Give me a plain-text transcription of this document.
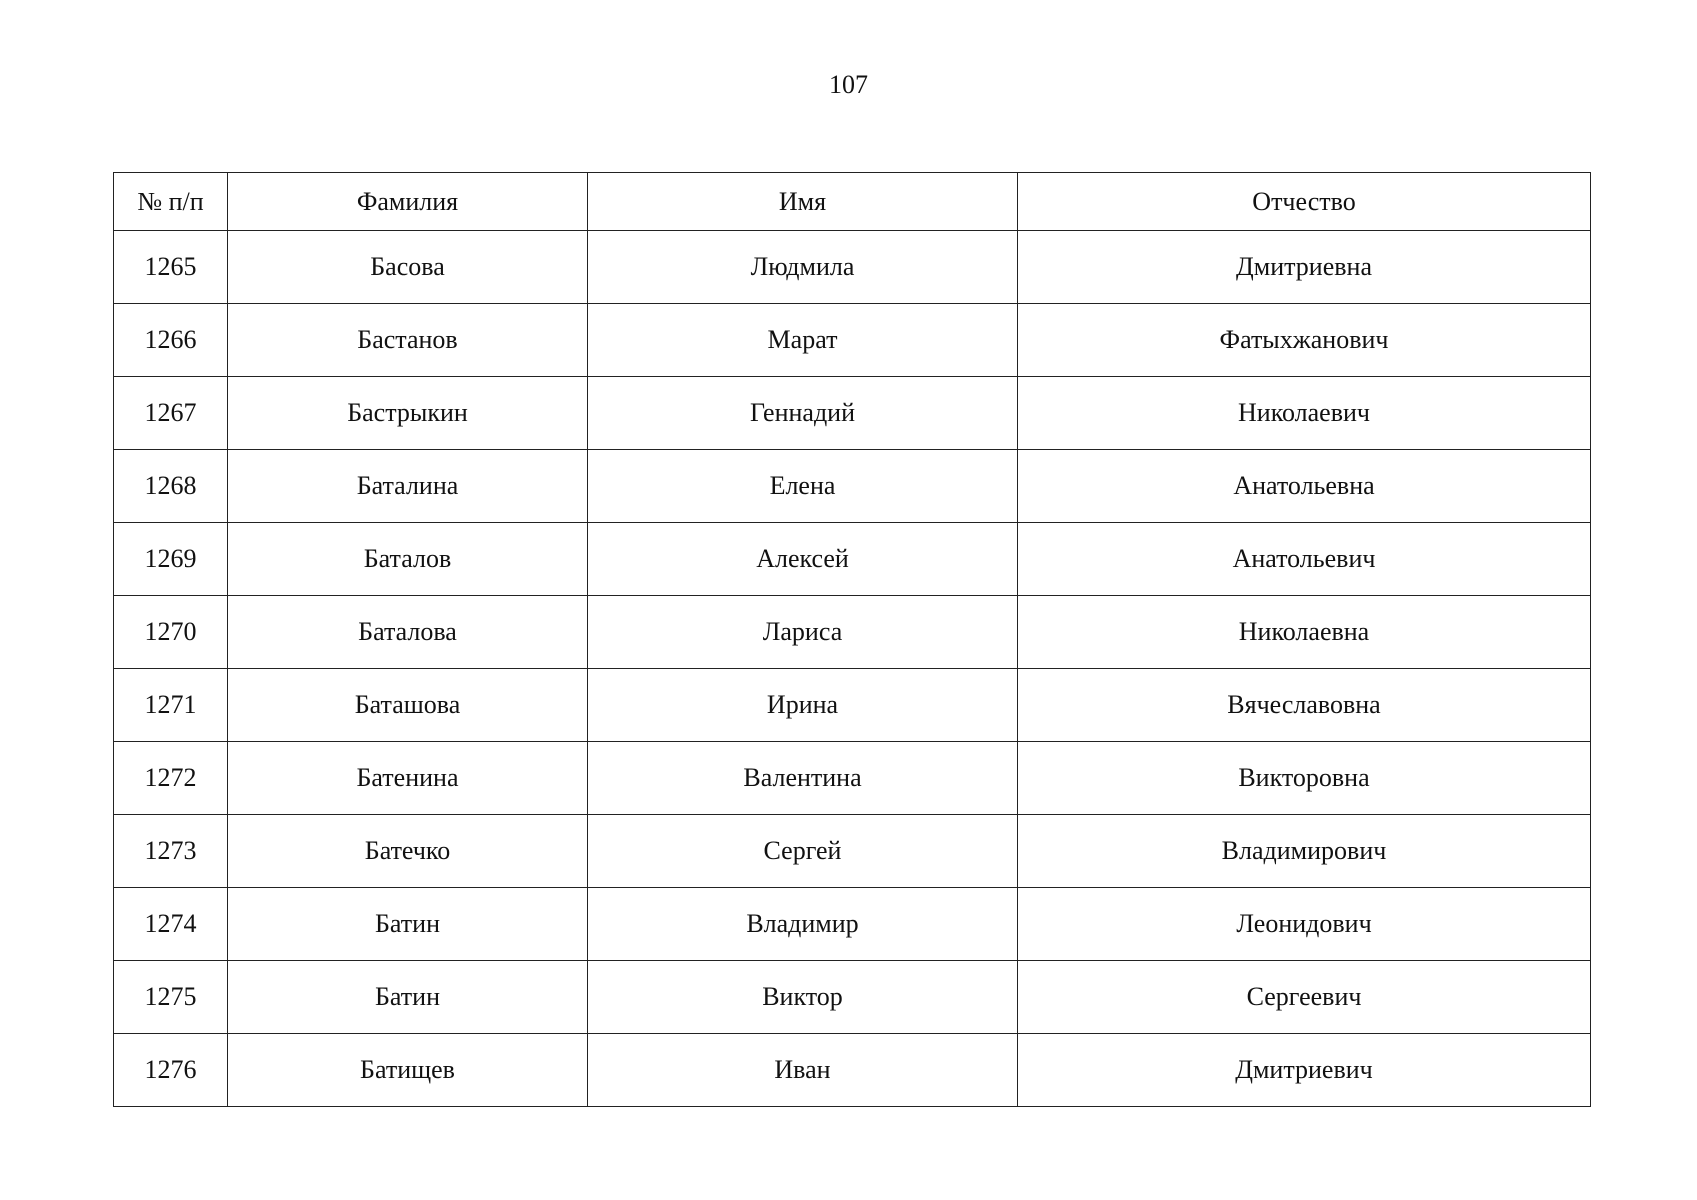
107
№ п/п	Фамилия	Имя	Отчество
1265	Басова	Людмила	Дмитриевна
1266	Бастанов	Марат	Фатыхжанович
1267	Бастрыкин	Геннадий	Николаевич
1268	Баталина	Елена	Анатольевна
1269	Баталов	Алексей	Анатольевич
1270	Баталова	Лариса	Николаевна
1271	Баташова	Ирина	Вячеславовна
1272	Батенина	Валентина	Викторовна
1273	Батечко	Сергей	Владимирович
1274	Батин	Владимир	Леонидович
1275	Батин	Виктор	Сергеевич
1276	Батищев	Иван	Дмитриевич
